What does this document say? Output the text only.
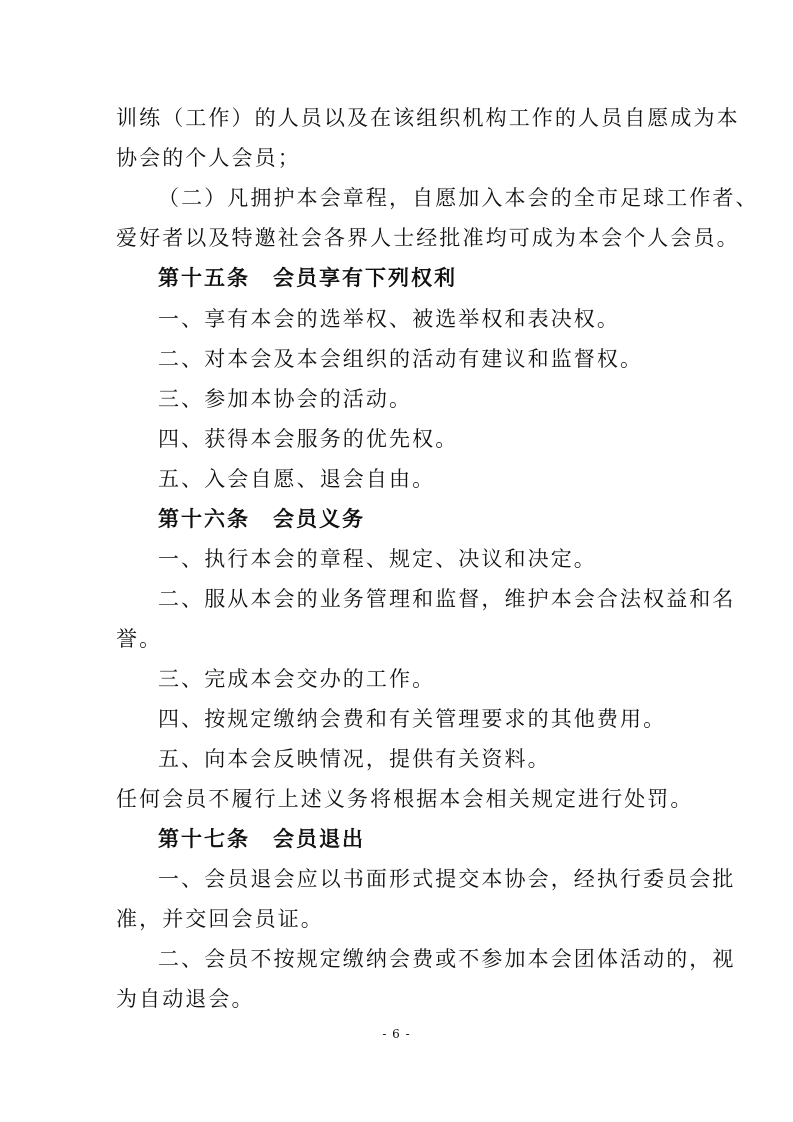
训练（工作）的人员以及在该组织机构工作的人员自愿成为本
协会的个人会员；
（二）凡拥护本会章程，自愿加入本会的全市足球工作者、
爱好者以及特邀社会各界人士经批准均可成为本会个人会员。
第十五条　会员享有下列权利
一、享有本会的选举权、被选举权和表决权。
二、对本会及本会组织的活动有建议和监督权。
三、参加本协会的活动。
四、获得本会服务的优先权。
五、入会自愿、退会自由。
第十六条　会员义务
一、执行本会的章程、规定、决议和决定。
二、服从本会的业务管理和监督，维护本会合法权益和名
誉。
三、完成本会交办的工作。
四、按规定缴纳会费和有关管理要求的其他费用。
五、向本会反映情况，提供有关资料。
任何会员不履行上述义务将根据本会相关规定进行处罚。
第十七条　会员退出
一、会员退会应以书面形式提交本协会，经执行委员会批
准，并交回会员证。
二、会员不按规定缴纳会费或不参加本会团体活动的，视
为自动退会。
- 6 -
